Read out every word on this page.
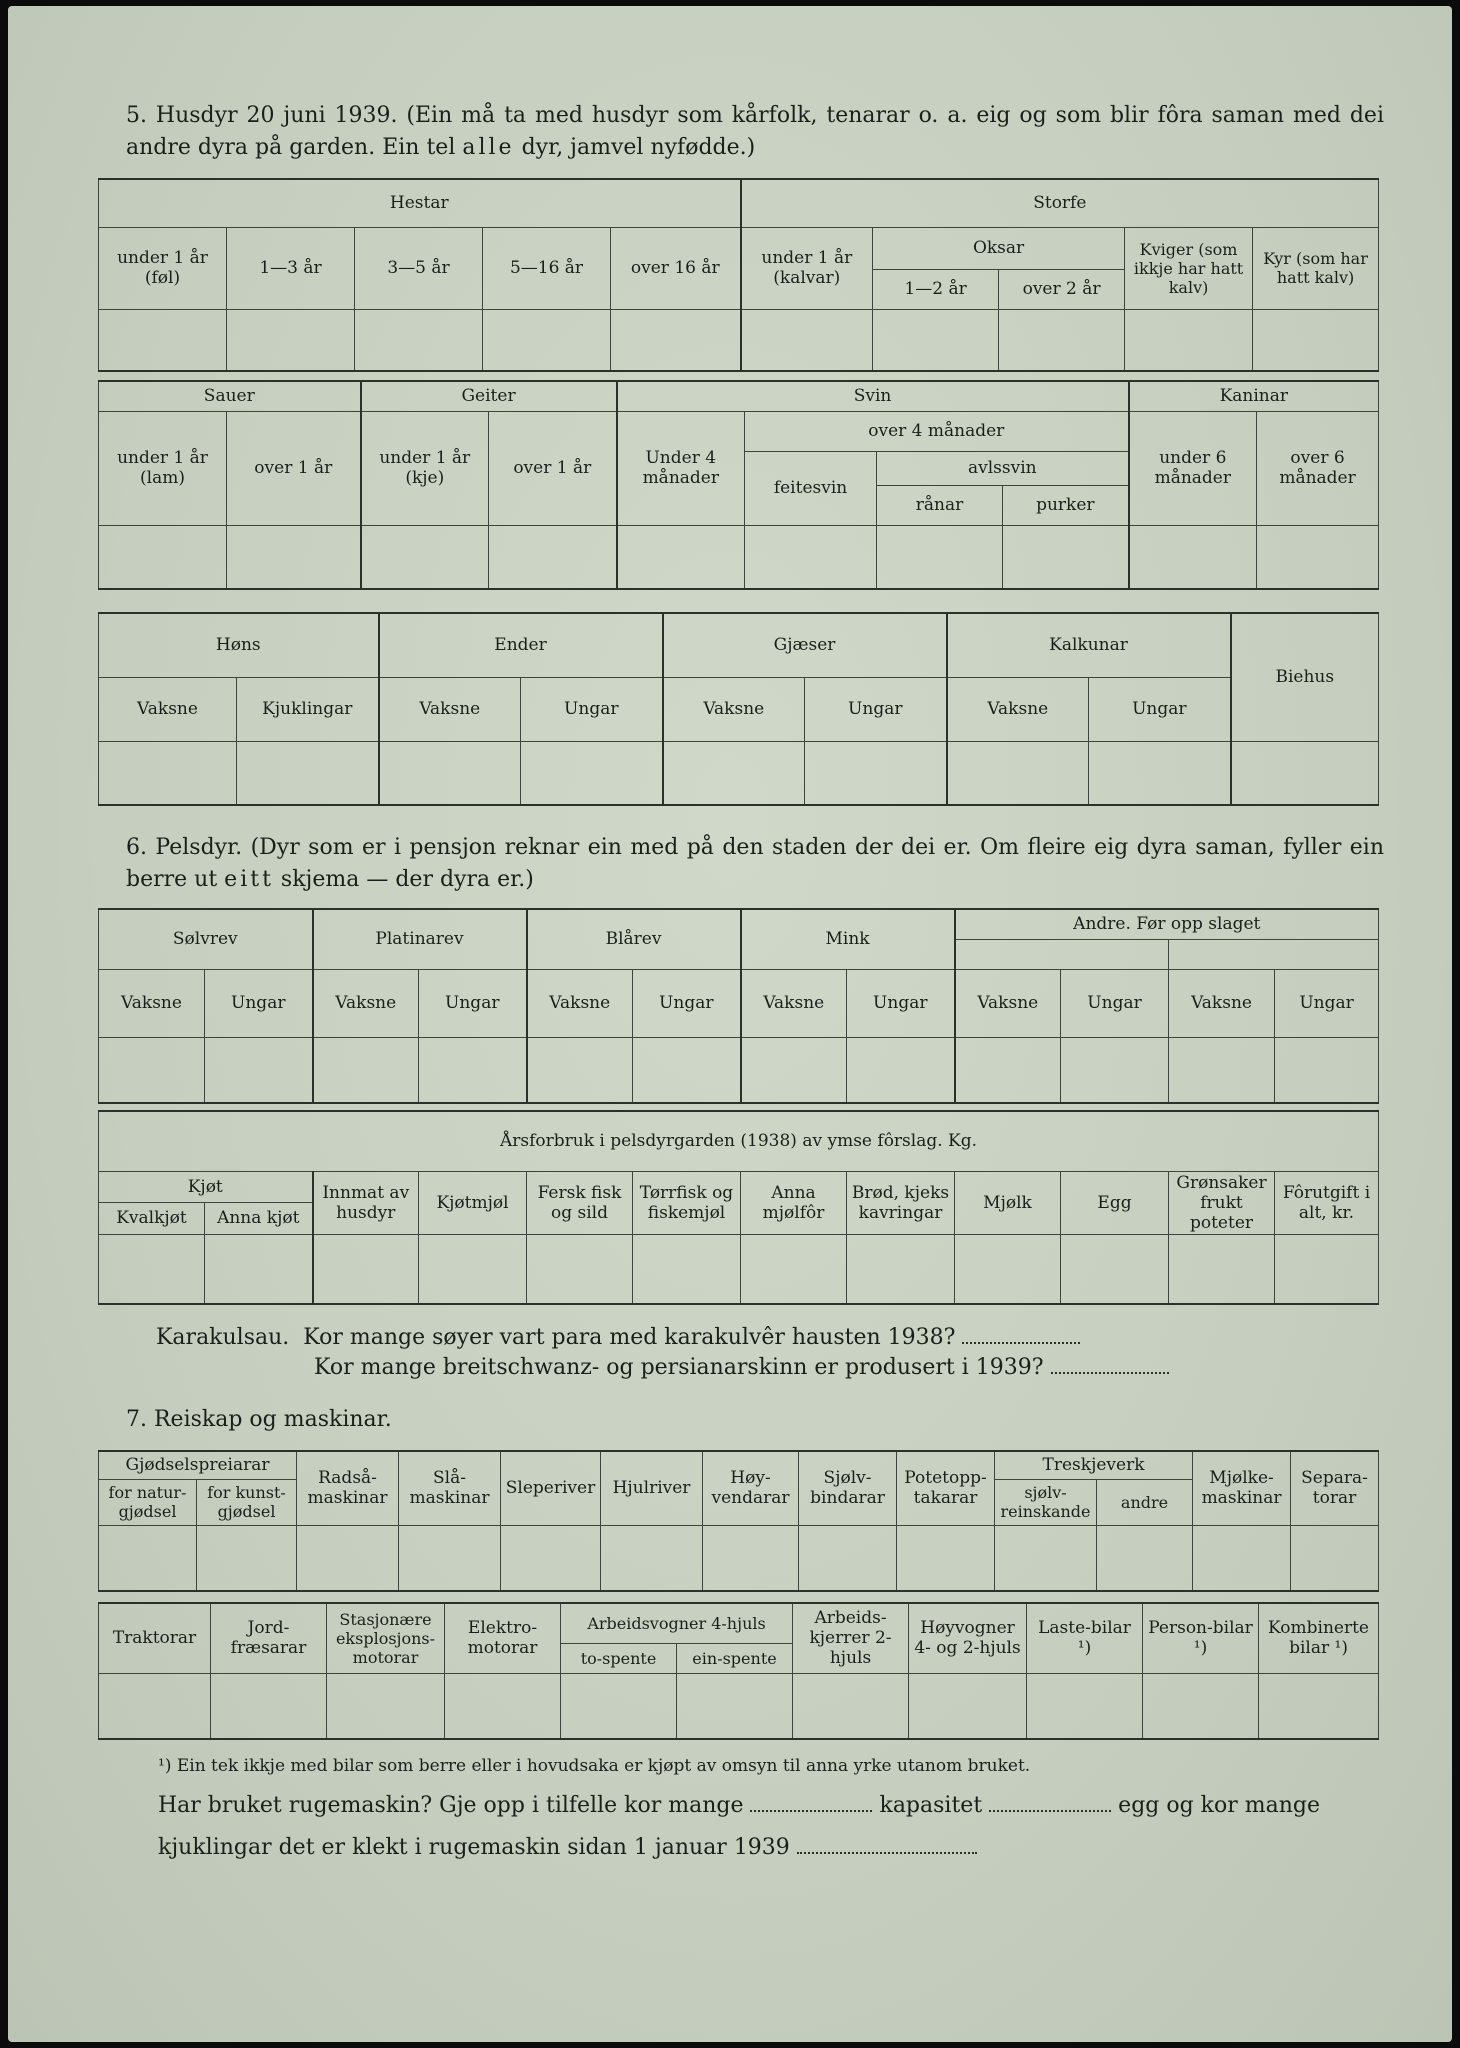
5. Husdyr 20 juni 1939. (Ein må ta med husdyr som kårfolk, tenarar o. a. eig og som blir fôra saman med dei andre dyra på garden. Ein tel alle dyr, jamvel nyfødde.)
Hestar					Storfe				
under 1 år (føl)	1—3 år	3—5 år	5—16 år	over 16 år	under 1 år (kalvar)	Oksar		Kviger (som ikkje har hatt kalv)	Kyr (som har hatt kalv)
						1—2 år	over 2 år		

Sauer		Geiter		Svin				Kaninar	
under 1 år (lam)	over 1 år	under 1 år (kje)	over 1 år	Under 4 månader	over 4 månader			under 6 månader	over 6 månader
					feitesvin	avlssvin			
						rånar	purker		

Høns		Ender		Gjæser		Kalkunar		Biehus
Vaksne	Kjuklingar	Vaksne	Ungar	Vaksne	Ungar	Vaksne	Ungar	

6. Pelsdyr. (Dyr som er i pensjon reknar ein med på den staden der dei er. Om fleire eig dyra saman, fyller ein berre ut eitt skjema — der dyra er.)
Sølvrev		Platinarev		Blårev		Mink		Andre. Før opp slaget			

Vaksne	Ungar	Vaksne	Ungar	Vaksne	Ungar	Vaksne	Ungar	Vaksne	Ungar	Vaksne	Ungar

Årsforbruk i pelsdyrgarden (1938) av ymse fôrslag. Kg.											
Kjøt		Innmat av husdyr	Kjøtmjøl	Fersk fisk og sild	Tørrfisk og fiskemjøl	Anna mjølfôr	Brød, kjeks kavringar	Mjølk	Egg	Grønsaker frukt poteter	Fôrutgift i alt, kr.
Kvalkjøt	Anna kjøt										

Karakulsau. Kor mange søyer vart para med karakulvêr hausten 1938?
Kor mange breitschwanz- og persianarskinn er produsert i 1939?
7. Reiskap og maskinar.
Gjødselspreiarar		Radså-maskinar	Slå-maskinar	Sleperiver	Hjulriver	Høy-vendarar	Sjølv-bindarar	Potetopp-takarar	Treskjeverk		Mjølke-maskinar	Separa-torar
for natur-gjødsel	for kunst-gjødsel								sjølv-reinskande	andre		

Traktorar	Jord-fræsarar	Stasjonære eksplosjons-motorar	Elektro-motorar	Arbeidsvogner 4-hjuls		Arbeids-kjerrer 2-hjuls	Høyvogner 4- og 2-hjuls	Laste-bilar ¹)	Person-bilar ¹)	Kombinerte bilar ¹)
				to-spente	ein-spente					

¹) Ein tek ikkje med bilar som berre eller i hovudsaka er kjøpt av omsyn til anna yrke utanom bruket.
Har bruket rugemaskin? Gje opp i tilfelle kor mange	kapasitet	egg og kor mange
kjuklingar det er klekt i rugemaskin sidan 1 januar 1939
